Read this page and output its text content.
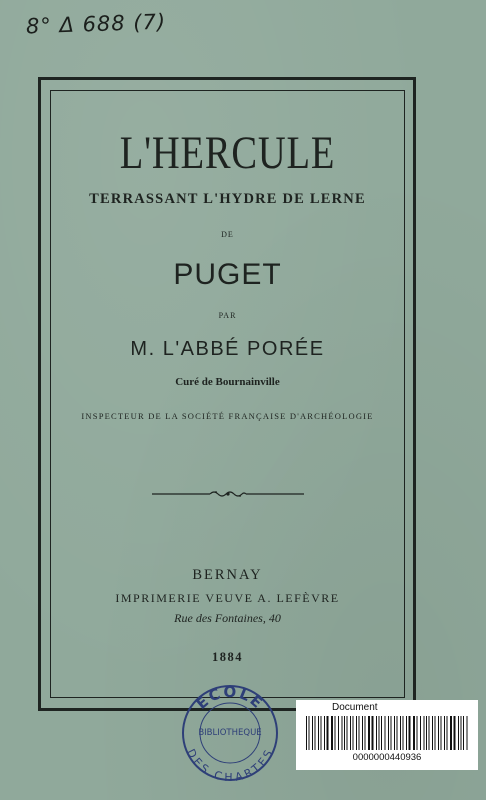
8° Δ 688 (7)
L'HERCULE
TERRASSANT L'HYDRE DE LERNE
DE
PUGET
PAR
M. L'ABBÉ PORÉE
Curé de Bournainville
INSPECTEUR DE LA SOCIÉTÉ FRANÇAISE D'ARCHÉOLOGIE
BERNAY
IMPRIMERIE VEUVE A. LEFÈVRE
Rue des Fontaines, 40
1884
ECOLE
BIBLIOTHEQUE
DES CHARTES
Document
0000000440936
